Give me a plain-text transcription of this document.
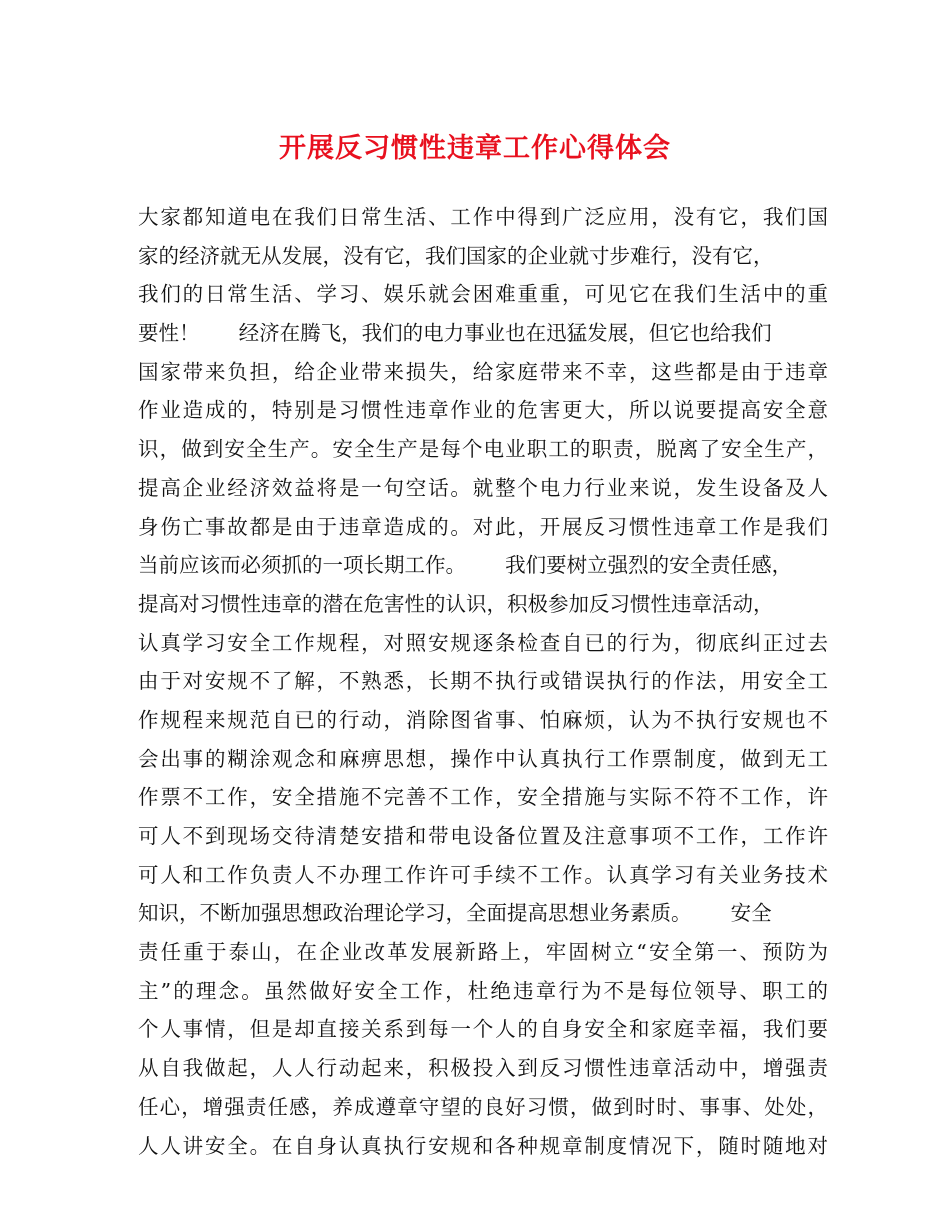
开展反习惯性违章工作心得体会
大家都知道电在我们日常生活、工作中得到广泛应用，没有它，我们国
家的经济就无从发展，没有它，我们国家的企业就寸步难行，没有它，
我们的日常生活、学习、娱乐就会困难重重，可见它在我们生活中的重
要性！      经济在腾飞，我们的电力事业也在迅猛发展，但它也给我们
国家带来负担，给企业带来损失，给家庭带来不幸，这些都是由于违章
作业造成的，特别是习惯性违章作业的危害更大，所以说要提高安全意
识，做到安全生产。安全生产是每个电业职工的职责，脱离了安全生产，
提高企业经济效益将是一句空话。就整个电力行业来说，发生设备及人
身伤亡事故都是由于违章造成的。对此，开展反习惯性违章工作是我们
当前应该而必须抓的一项长期工作。      我们要树立强烈的安全责任感，
提高对习惯性违章的潜在危害性的认识，积极参加反习惯性违章活动，
认真学习安全工作规程，对照安规逐条检查自已的行为，彻底纠正过去
由于对安规不了解，不熟悉，长期不执行或错误执行的作法，用安全工
作规程来规范自已的行动，消除图省事、怕麻烦，认为不执行安规也不
会出事的糊涂观念和麻痹思想，操作中认真执行工作票制度，做到无工
作票不工作，安全措施不完善不工作，安全措施与实际不符不工作，许
可人不到现场交待清楚安措和带电设备位置及注意事项不工作，工作许
可人和工作负责人不办理工作许可手续不工作。认真学习有关业务技术
知识，不断加强思想政治理论学习，全面提高思想业务素质。      安全
责任重于泰山，在企业改革发展新路上，牢固树立“安全第一、预防为
主”的理念。虽然做好安全工作，杜绝违章行为不是每位领导、职工的
个人事情，但是却直接关系到每一个人的自身安全和家庭幸福，我们要
从自我做起，人人行动起来，积极投入到反习惯性违章活动中，增强责
任心，增强责任感，养成遵章守望的良好习惯，做到时时、事事、处处，
人人讲安全。在自身认真执行安规和各种规章制度情况下，随时随地对
